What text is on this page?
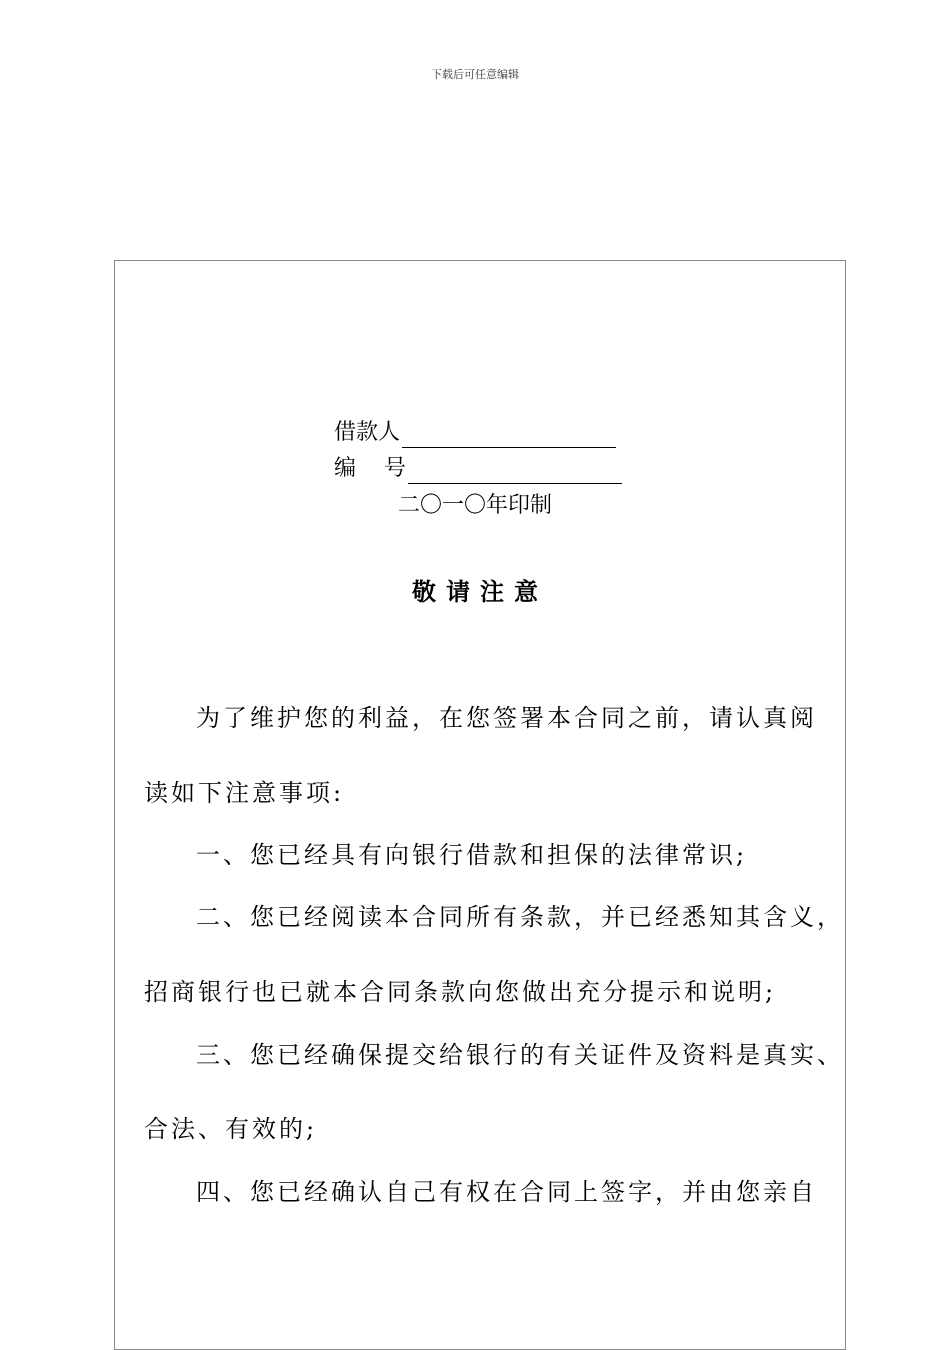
下载后可任意编辑
借款人
编    号
二〇一〇年印制
敬请注意
为了维护您的利益，在您签署本合同之前，请认真阅
读如下注意事项:
一、您已经具有向银行借款和担保的法律常识;
二、您已经阅读本合同所有条款，并已经悉知其含义，
招商银行也已就本合同条款向您做出充分提示和说明;
三、您已经确保提交给银行的有关证件及资料是真实、
合法、有效的;
四、您已经确认自己有权在合同上签字，并由您亲自
